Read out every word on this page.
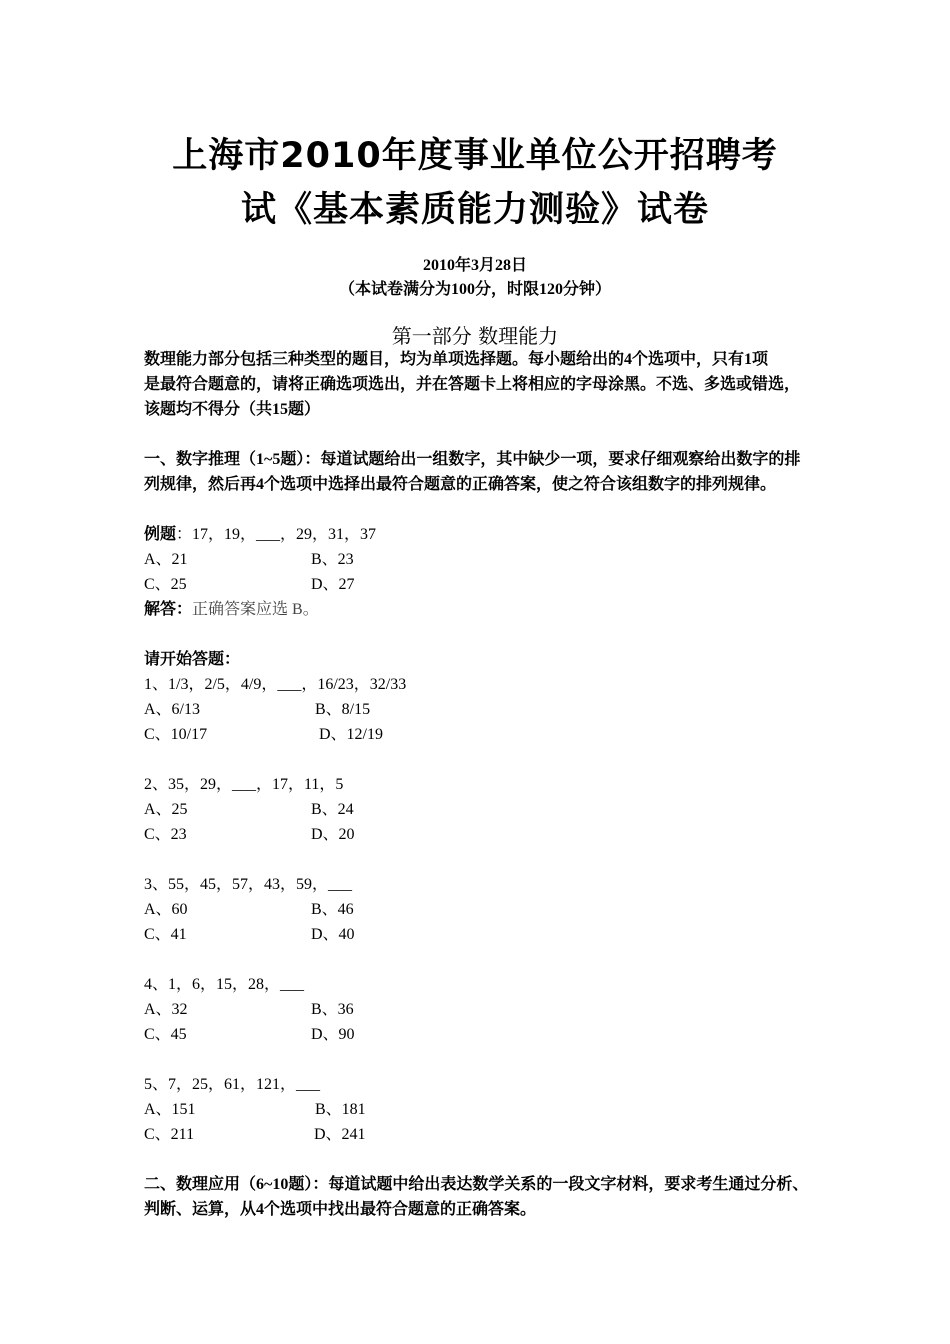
上海市2010年度事业单位公开招聘考
试《基本素质能力测验》试卷
2010年3月28日
（本试卷满分为100分，时限120分钟）
第一部分 数理能力
数理能力部分包括三种类型的题目，均为单项选择题。每小题给出的4个选项中，只有1项
是最符合题意的，请将正确选项选出，并在答题卡上将相应的字母涂黑。不选、多选或错选，
该题均不得分（共15题）
一、数字推理（1~5题）：每道试题给出一组数字，其中缺少一项，要求仔细观察给出数字的排
列规律，然后再4个选项中选择出最符合题意的正确答案，使之符合该组数字的排列规律。
例题：17，19，___，29，31，37
A、21	B、23
C、25	D、27
解答：正确答案应选 B。
请开始答题：
1、1/3，2/5，4/9，___，16/23，32/33
A、6/13	B、8/15
C、10/17	D、12/19
2、35，29，___，17，11，5
A、25	B、24
C、23	D、20
3、55，45，57，43，59，___
A、60	B、46
C、41	D、40
4、1，6，15，28，___
A、32	B、36
C、45	D、90
5、7，25，61，121，___
A、151	B、181
C、211	D、241
二、数理应用（6~10题）：每道试题中给出表达数学关系的一段文字材料，要求考生通过分析、
判断、运算，从4个选项中找出最符合题意的正确答案。
